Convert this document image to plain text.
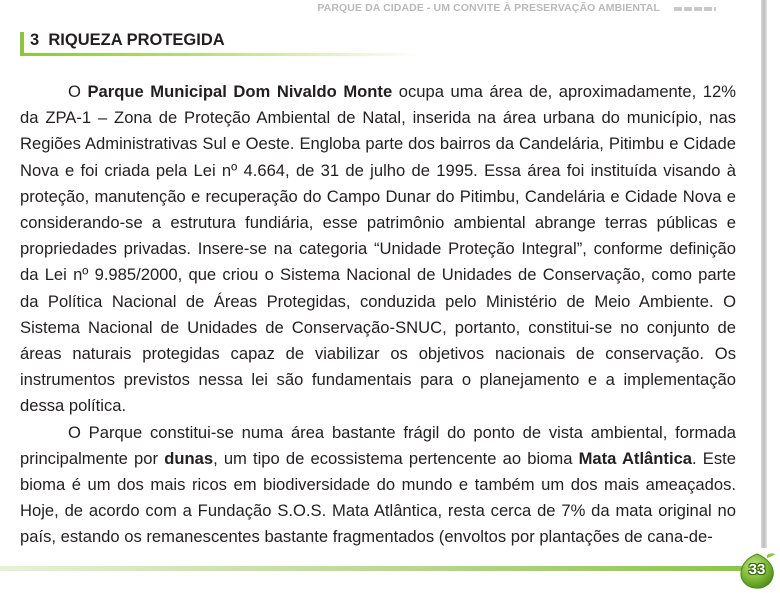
PARQUE DA CIDADE - UM CONVITE À PRESERVAÇÃO AMBIENTAL
3 RIQUEZA PROTEGIDA

O Parque Municipal Dom Nivaldo Monte ocupa uma área de, aproximadamente, 12% da ZPA-1 – Zona de Proteção Ambiental de Natal, inserida na área urbana do município, nas Regiões Administrativas Sul e Oeste. Engloba parte dos bairros da Candelária, Pitimbu e Cidade Nova e foi criada pela Lei nº 4.664, de 31 de julho de 1995. Essa área foi instituída visando à proteção, manutenção e recuperação do Campo Dunar do Pitimbu, Candelária e Cidade Nova e considerando-se a estrutura fundiária, esse patrimônio ambiental abrange terras públicas e propriedades privadas. Insere-se na categoria “Unidade Proteção Integral”, conforme definição da Lei nº 9.985/2000, que criou o Sistema Nacional de Unidades de Conservação, como parte da Política Nacional de Áreas Protegidas, conduzida pelo Ministério de Meio Ambiente. O Sistema Nacional de Unidades de Conservação-SNUC, portanto, constitui-se no conjunto de áreas naturais protegidas capaz de viabilizar os objetivos nacionais de conservação. Os instrumentos previstos nessa lei são fundamentais para o planejamento e a implementação dessa política.

O Parque constitui-se numa área bastante frágil do ponto de vista ambiental, formada principalmente por dunas, um tipo de ecossistema pertencente ao bioma Mata Atlântica. Este bioma é um dos mais ricos em biodiversidade do mundo e também um dos mais ameaçados. Hoje, de acordo com a Fundação S.O.S. Mata Atlântica, resta cerca de 7% da mata original no país, estando os remanescentes bastante fragmentados (envoltos por plantações de cana-de-

33
